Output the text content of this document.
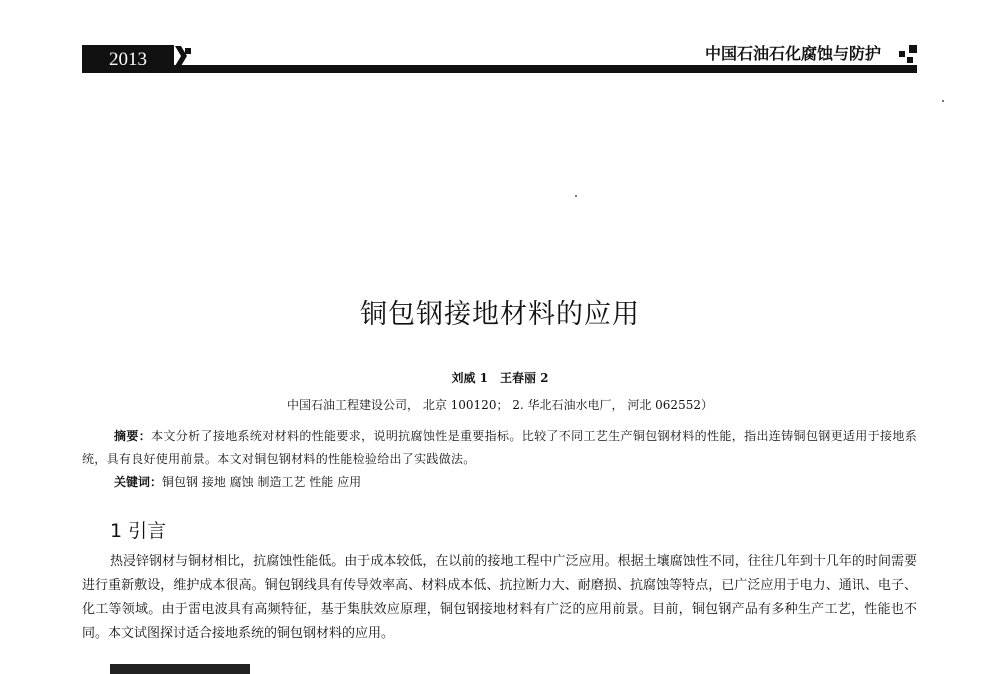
2013	中国石油石化腐蚀与防护
铜包钢接地材料的应用
刘威 1　王春丽 2
中国石油工程建设公司， 北京 100120； 2. 华北石油水电厂， 河北 062552）
摘要：本文分析了接地系统对材料的性能要求，说明抗腐蚀性是重要指标。比较了不同工艺生产铜包钢材料的性能，指出连铸铜包钢更适用于接地系统，具有良好使用前景。本文对铜包钢材料的性能检验给出了实践做法。
关键词：铜包钢 接地 腐蚀 制造工艺 性能 应用
1 引言
热浸锌钢材与铜材相比，抗腐蚀性能低。由于成本较低，在以前的接地工程中广泛应用。根据土壤腐蚀性不同，往往几年到十几年的时间需要进行重新敷设，维护成本很高。铜包钢线具有传导效率高、材料成本低、抗拉断力大、耐磨损、抗腐蚀等特点，已广泛应用于电力、通讯、电子、化工等领域。由于雷电波具有高频特征，基于集肤效应原理，铜包钢接地材料有广泛的应用前景。目前，铜包钢产品有多种生产工艺，性能也不同。本文试图探讨适合接地系统的铜包钢材料的应用。
